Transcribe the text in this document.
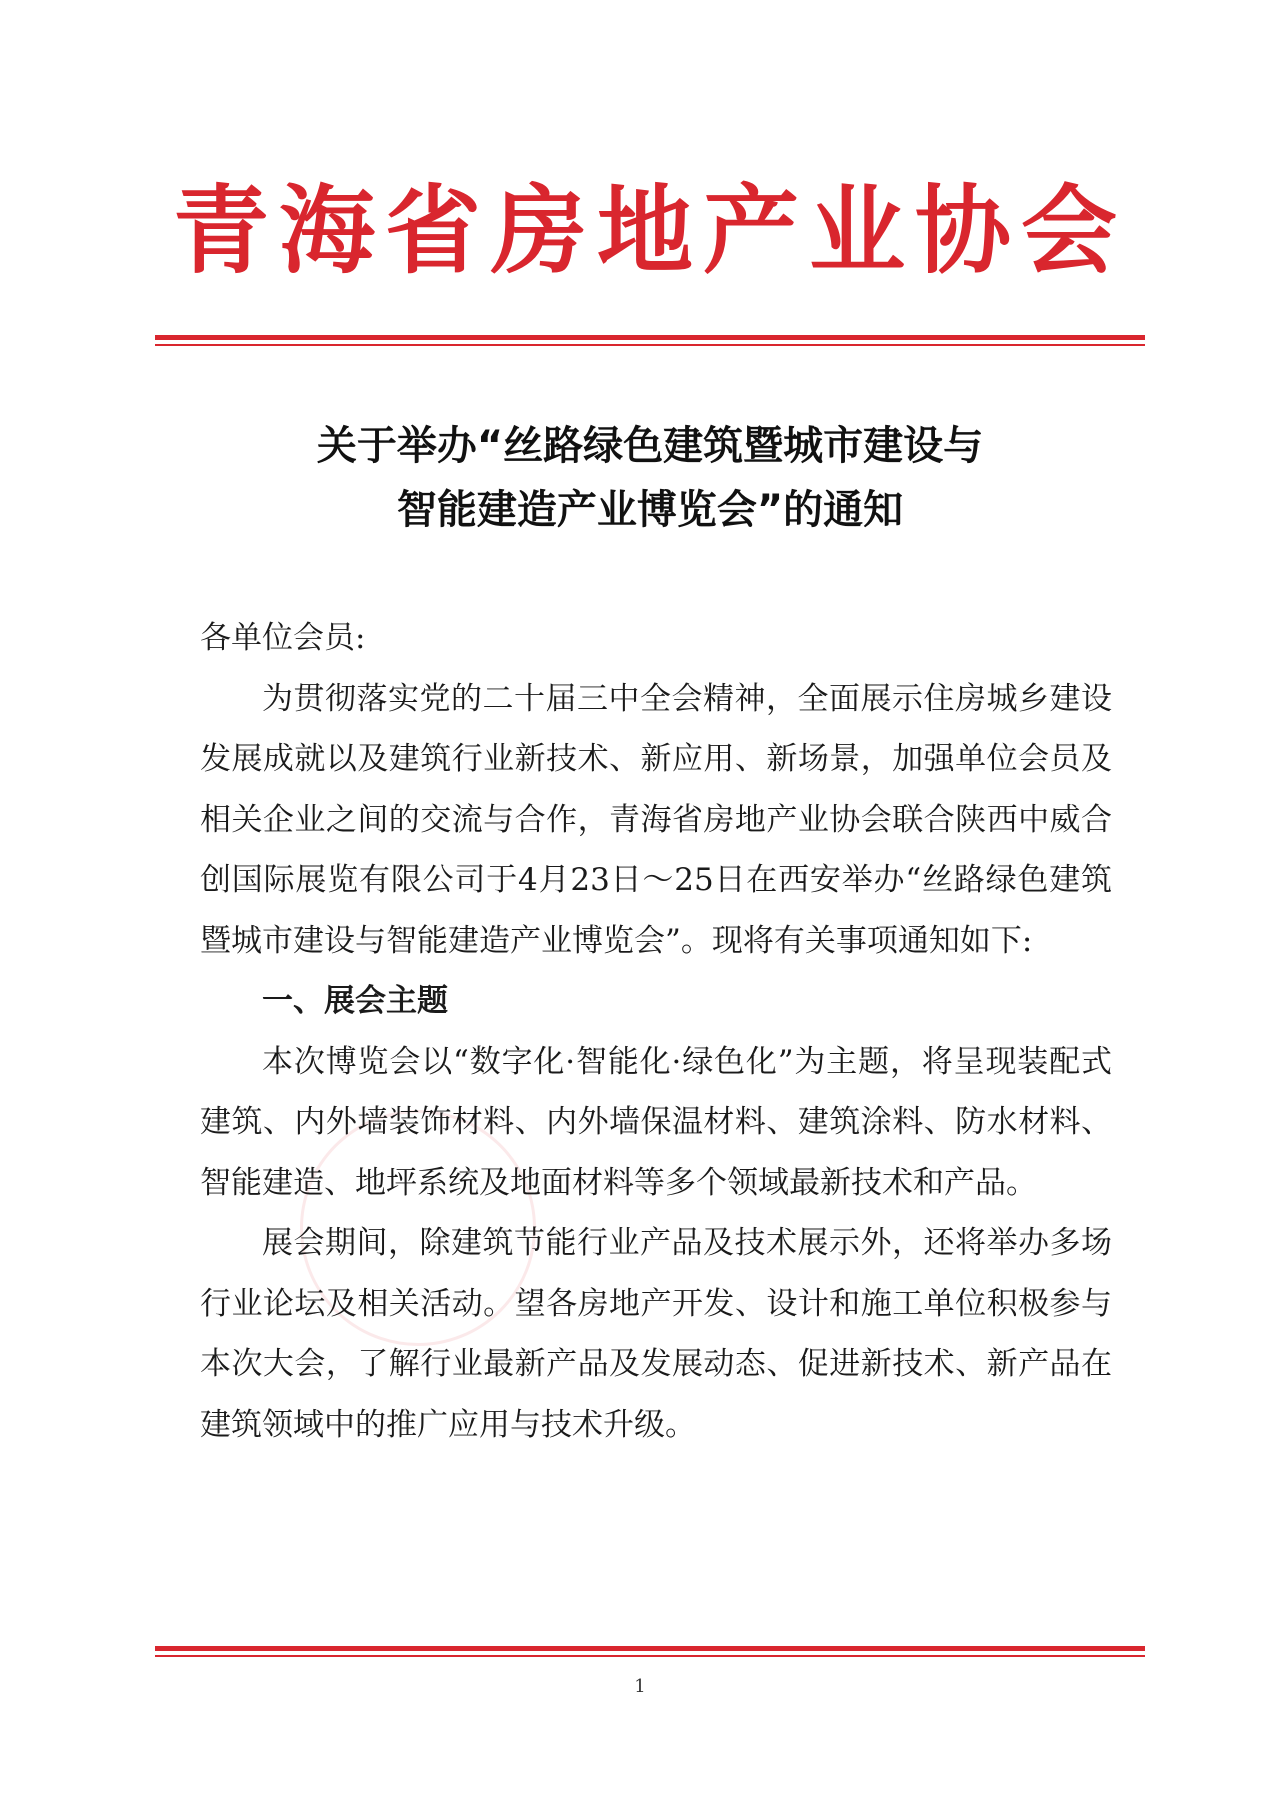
青海省房地产业协会
关于举办“丝路绿色建筑暨城市建设与
智能建造产业博览会”的通知

各单位会员:

为贯彻落实党的二十届三中全会精神，全面展示住房城乡建设发展成就以及建筑行业新技术、新应用、新场景，加强单位会员及相关企业之间的交流与合作，青海省房地产业协会联合陕西中威合创国际展览有限公司于4月23日～25日在西安举办“丝路绿色建筑暨城市建设与智能建造产业博览会”。现将有关事项通知如下:

一、展会主题

本次博览会以“数字化·智能化·绿色化”为主题，将呈现装配式建筑、内外墙装饰材料、内外墙保温材料、建筑涂料、防水材料、智能建造、地坪系统及地面材料等多个领域最新技术和产品。

展会期间，除建筑节能行业产品及技术展示外，还将举办多场行业论坛及相关活动。望各房地产开发、设计和施工单位积极参与本次大会，了解行业最新产品及发展动态、促进新技术、新产品在建筑领域中的推广应用与技术升级。

1
